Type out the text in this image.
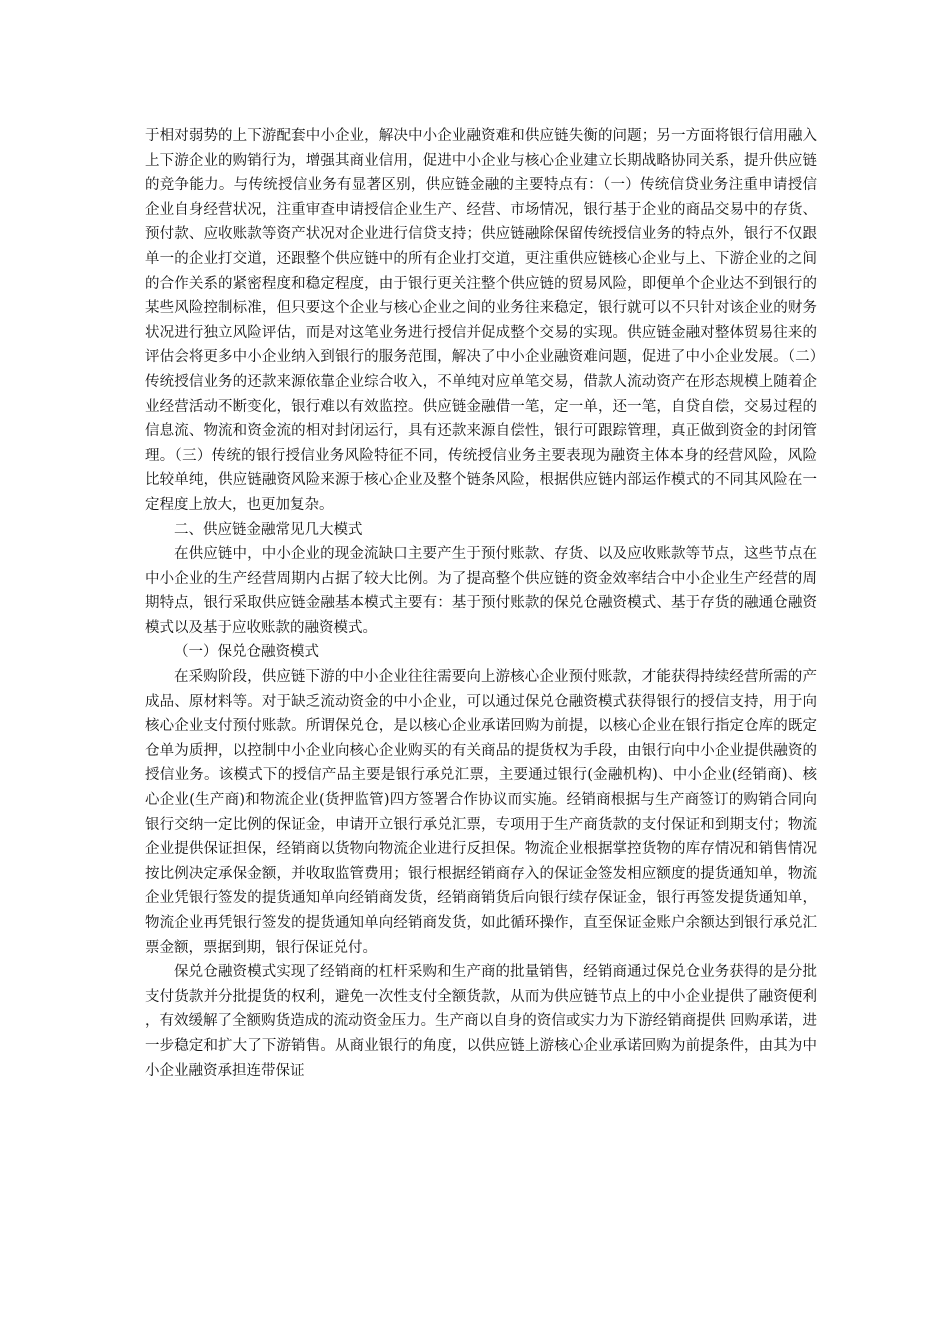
于相对弱势的上下游配套中小企业，解决中小企业融资难和供应链失衡的问题；另一方面将银行信用融入上下游企业的购销行为，增强其商业信用，促进中小企业与核心企业建立长期战略协同关系，提升供应链的竞争能力。与传统授信业务有显著区别，供应链金融的主要特点有：（一）传统信贷业务注重申请授信企业自身经营状况，注重审查申请授信企业生产、经营、市场情况，银行基于企业的商品交易中的存货、预付款、应收账款等资产状况对企业进行信贷支持；供应链融除保留传统授信业务的特点外，银行不仅跟单一的企业打交道，还跟整个供应链中的所有企业打交道，更注重供应链核心企业与上、下游企业的之间的合作关系的紧密程度和稳定程度，由于银行更关注整个供应链的贸易风险，即便单个企业达不到银行的某些风险控制标准，但只要这个企业与核心企业之间的业务往来稳定，银行就可以不只针对该企业的财务状况进行独立风险评估，而是对这笔业务进行授信并促成整个交易的实现。供应链金融对整体贸易往来的评估会将更多中小企业纳入到银行的服务范围，解决了中小企业融资难问题，促进了中小企业发展。（二）传统授信业务的还款来源依靠企业综合收入，不单纯对应单笔交易，借款人流动资产在形态规模上随着企业经营活动不断变化，银行难以有效监控。供应链金融借一笔，定一单，还一笔，自贷自偿，交易过程的信息流、物流和资金流的相对封闭运行，具有还款来源自偿性，银行可跟踪管理，真正做到资金的封闭管理。（三）传统的银行授信业务风险特征不同，传统授信业务主要表现为融资主体本身的经营风险，风险比较单纯，供应链融资风险来源于核心企业及整个链条风险，根据供应链内部运作模式的不同其风险在一定程度上放大，也更加复杂。

二、供应链金融常见几大模式

在供应链中，中小企业的现金流缺口主要产生于预付账款、存货、以及应收账款等节点，这些节点在中小企业的生产经营周期内占据了较大比例。为了提高整个供应链的资金效率结合中小企业生产经营的周期特点，银行采取供应链金融基本模式主要有：基于预付账款的保兑仓融资模式、基于存货的融通仓融资模式以及基于应收账款的融资模式。

（一）保兑仓融资模式

在采购阶段，供应链下游的中小企业往往需要向上游核心企业预付账款，才能获得持续经营所需的产成品、原材料等。对于缺乏流动资金的中小企业，可以通过保兑仓融资模式获得银行的授信支持，用于向核心企业支付预付账款。所谓保兑仓，是以核心企业承诺回购为前提，以核心企业在银行指定仓库的既定仓单为质押，以控制中小企业向核心企业购买的有关商品的提货权为手段，由银行向中小企业提供融资的授信业务。该模式下的授信产品主要是银行承兑汇票，主要通过银行(金融机构)、中小企业(经销商)、核心企业(生产商)和物流企业(货押监管)四方签署合作协议而实施。经销商根据与生产商签订的购销合同向银行交纳一定比例的保证金，申请开立银行承兑汇票，专项用于生产商货款的支付保证和到期支付；物流企业提供保证担保，经销商以货物向物流企业进行反担保。物流企业根据掌控货物的库存情况和销售情况按比例决定承保金额，并收取监管费用；银行根据经销商存入的保证金签发相应额度的提货通知单，物流企业凭银行签发的提货通知单向经销商发货，经销商销货后向银行续存保证金，银行再签发提货通知单，物流企业再凭银行签发的提货通知单向经销商发货，如此循环操作，直至保证金账户余额达到银行承兑汇票金额，票据到期，银行保证兑付。

保兑仓融资模式实现了经销商的杠杆采购和生产商的批量销售，经销商通过保兑仓业务获得的是分批支付货款并分批提货的权利，避免一次性支付全额货款，从而为供应链节点上的中小企业提供了融资便利，有效缓解了全额购货造成的流动资金压力。生产商以自身的资信或实力为下游经销商提供 回购承诺，进一步稳定和扩大了下游销售。从商业银行的角度，以供应链上游核心企业承诺回购为前提条件，由其为中小企业融资承担连带保证
